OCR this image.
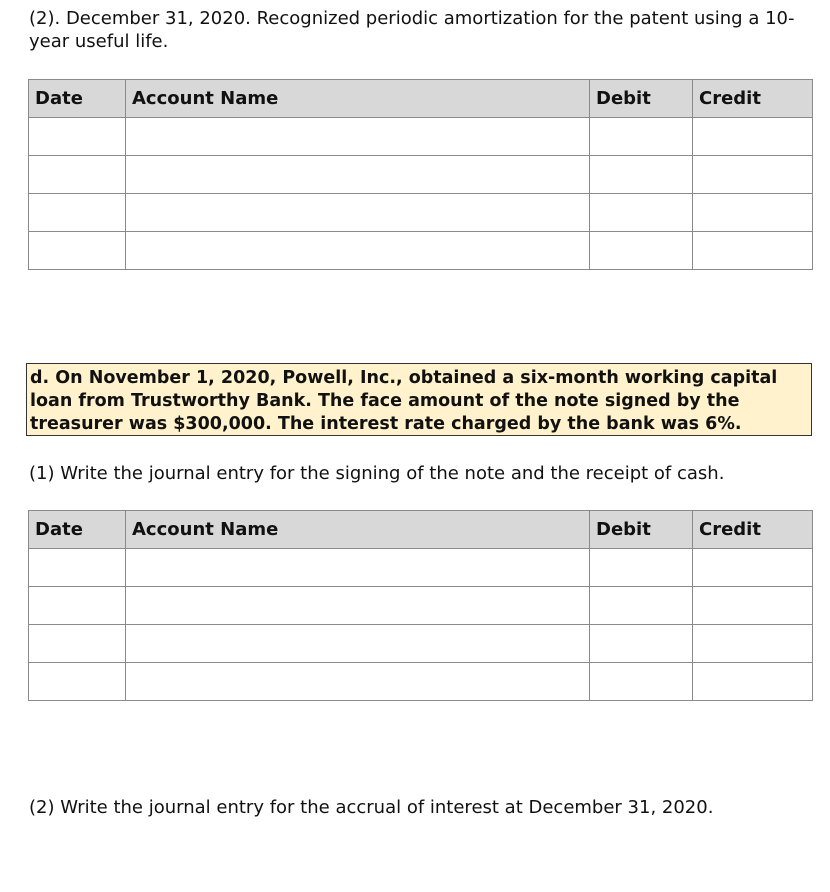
(2). December 31, 2020. Recognized periodic amortization for the patent using a 10-year useful life.

Date	Account Name	Debit	Credit

d. On November 1, 2020, Powell, Inc., obtained a six-month working capital loan from Trustworthy Bank. The face amount of the note signed by the treasurer was $300,000. The interest rate charged by the bank was 6%.

(1) Write the journal entry for the signing of the note and the receipt of cash.

Date	Account Name	Debit	Credit

(2) Write the journal entry for the accrual of interest at December 31, 2020.
